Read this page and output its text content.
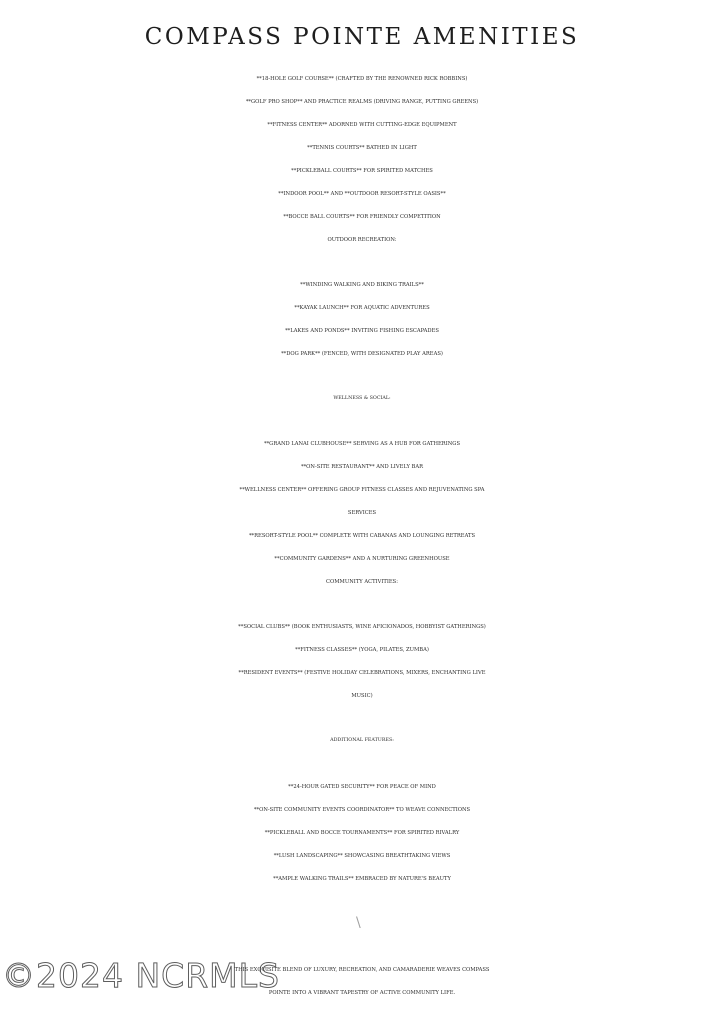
COMPASS POINTE AMENITIES
**18-HOLE GOLF COURSE** (CRAFTED BY THE RENOWNED RICK ROBBINS)
**GOLF PRO SHOP** AND PRACTICE REALMS (DRIVING RANGE, PUTTING GREENS)
**FITNESS CENTER** ADORNED WITH CUTTING-EDGE EQUIPMENT
**TENNIS COURTS** BATHED IN LIGHT
**PICKLEBALL COURTS** FOR SPIRITED MATCHES
**INDOOR POOL** AND **OUTDOOR RESORT-STYLE OASIS**
**BOCCE BALL COURTS** FOR FRIENDLY COMPETITION
OUTDOOR RECREATION:
**WINDING WALKING AND BIKING TRAILS**
**KAYAK LAUNCH** FOR AQUATIC ADVENTURES
**LAKES AND PONDS** INVITING FISHING ESCAPADES
**DOG PARK** (FENCED, WITH DESIGNATED PLAY AREAS)
WELLNESS & SOCIAL:
**GRAND LANAI CLUBHOUSE** SERVING AS A HUB FOR GATHERINGS
**ON-SITE RESTAURANT** AND LIVELY BAR
**WELLNESS CENTER** OFFERING GROUP FITNESS CLASSES AND REJUVENATING SPA
SERVICES
**RESORT-STYLE POOL** COMPLETE WITH CABANAS AND LOUNGING RETREATS
**COMMUNITY GARDENS** AND A NURTURING GREENHOUSE
COMMUNITY ACTIVITIES:
**SOCIAL CLUBS** (BOOK ENTHUSIASTS, WINE AFICIONADOS, HOBBYIST GATHERINGS)
**FITNESS CLASSES** (YOGA, PILATES, ZUMBA)
**RESIDENT EVENTS** (FESTIVE HOLIDAY CELEBRATIONS, MIXERS, ENCHANTING LIVE
MUSIC)
ADDITIONAL FEATURES:
**24-HOUR GATED SECURITY** FOR PEACE OF MIND
**ON-SITE COMMUNITY EVENTS COORDINATOR** TO WEAVE CONNECTIONS
**PICKLEBALL AND BOCCE TOURNAMENTS** FOR SPIRITED RIVALRY
**LUSH LANDSCAPING** SHOWCASING BREATHTAKING VIEWS
**AMPLE WALKING TRAILS** EMBRACED BY NATURE'S BEAUTY
\
THIS EXQUISITE BLEND OF LUXURY, RECREATION, AND CAMARADERIE WEAVES COMPASS
POINTE INTO A VIBRANT TAPESTRY OF ACTIVE COMMUNITY LIFE.
©2024 NCRMLS
